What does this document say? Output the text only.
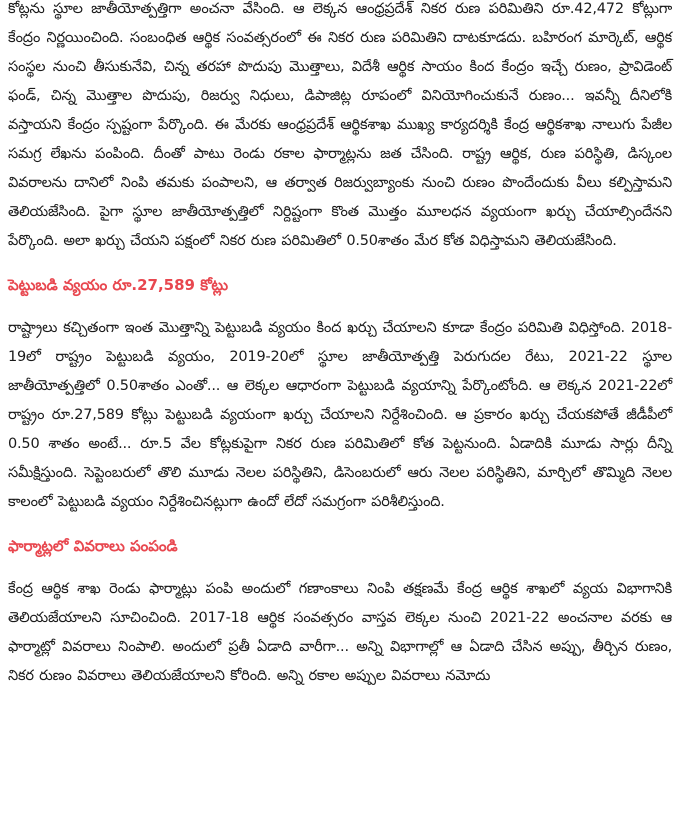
కోట్లను స్థూల జాతీయోత్పత్తిగా అంచనా వేసింది. ఆ లెక్కన ఆంధ్రప్రదేశ్ నికర రుణ పరిమితిని రూ.42,472 కోట్లుగా కేంద్రం నిర్ణయించింది. సంబంధిత ఆర్థిక సంవత్సరంలో ఈ నికర రుణ పరిమితిని దాటకూడదు. బహిరంగ మార్కెట్, ఆర్థిక సంస్థల నుంచి తీసుకునేవి, చిన్న తరహా పొదుపు మొత్తాలు, విదేశీ ఆర్థిక సాయం కింద కేంద్రం ఇచ్చే రుణం, ప్రావిడెంట్ ఫండ్, చిన్న మొత్తాల పొదుపు, రిజర్వు నిధులు, డిపాజిట్ల రూపంలో వినియోగించుకునే రుణం... ఇవన్నీ దీనిలోకి వస్తాయని కేంద్రం స్పష్టంగా పేర్కొంది. ఈ మేరకు ఆంధ్రప్రదేశ్ ఆర్థికశాఖ ముఖ్య కార్యదర్శికి కేంద్ర ఆర్థికశాఖ నాలుగు పేజీల సమగ్ర లేఖను పంపింది. దీంతో పాటు రెండు రకాల ఫార్మాట్లను జత చేసింది. రాష్ట్ర ఆర్థిక, రుణ పరిస్థితి, డిస్కంల వివరాలను దానిలో నింపి తమకు పంపాలని, ఆ తర్వాత రిజర్వుబ్యాంకు నుంచి రుణం పొందేందుకు వీలు కల్పిస్తామని తెలియజేసింది. పైగా స్థూల జాతీయోత్పత్తిలో నిర్దిష్టంగా కొంత మొత్తం మూలధన వ్యయంగా ఖర్చు చేయాల్సిందేనని పేర్కొంది. అలా ఖర్చు చేయని పక్షంలో నికర రుణ పరిమితిలో 0.50శాతం మేర కోత విధిస్తామని తెలియజేసింది.

పెట్టుబడి వ్యయం రూ.27,589 కోట్లు

రాష్ట్రాలు కచ్చితంగా ఇంత మొత్తాన్ని పెట్టుబడి వ్యయం కింద ఖర్చు చేయాలని కూడా కేంద్రం పరిమితి విధిస్తోంది. 2018-19లో రాష్ట్రం పెట్టుబడి వ్యయం, 2019-20లో స్థూల జాతీయోత్పత్తి పెరుగుదల రేటు, 2021-22 స్థూల జాతీయోత్పత్తిలో 0.50శాతం ఎంతో... ఆ లెక్కల ఆధారంగా పెట్టుబడి వ్యయాన్ని పేర్కొంటోంది. ఆ లెక్కన 2021-22లో రాష్ట్రం రూ.27,589 కోట్లు పెట్టుబడి వ్యయంగా ఖర్చు చేయాలని నిర్దేశించింది. ఆ ప్రకారం ఖర్చు చేయకపోతే జీడీపీలో 0.50 శాతం అంటే... రూ.5 వేల కోట్లకుపైగా నికర రుణ పరిమితిలో కోత పెట్టనుంది. ఏడాదికి మూడు సార్లు దీన్ని సమీక్షిస్తుంది. సెప్టెంబరులో తొలి మూడు నెలల పరిస్థితిని, డిసెంబరులో ఆరు నెలల పరిస్థితిని, మార్చిలో తొమ్మిది నెలల కాలంలో పెట్టుబడి వ్యయం నిర్దేశించినట్లుగా ఉందో లేదో సమగ్రంగా పరిశీలిస్తుంది.

ఫార్మాట్లలో వివరాలు పంపండి

కేంద్ర ఆర్థిక శాఖ రెండు ఫార్మాట్లు పంపి అందులో గణాంకాలు నింపి తక్షణమే కేంద్ర ఆర్థిక శాఖలో వ్యయ విభాగానికి తెలియజేయాలని సూచించింది. 2017-18 ఆర్థిక సంవత్సరం వాస్తవ లెక్కల నుంచి 2021-22 అంచనాల వరకు ఆ ఫార్మాట్లో వివరాలు నింపాలి. అందులో ప్రతీ ఏడాది వారీగా... అన్ని విభాగాల్లో ఆ ఏడాది చేసిన అప్పు, తీర్చిన రుణం, నికర రుణం వివరాలు తెలియజేయాలని కోరింది. అన్ని రకాల అప్పుల వివరాలు నమోదు
